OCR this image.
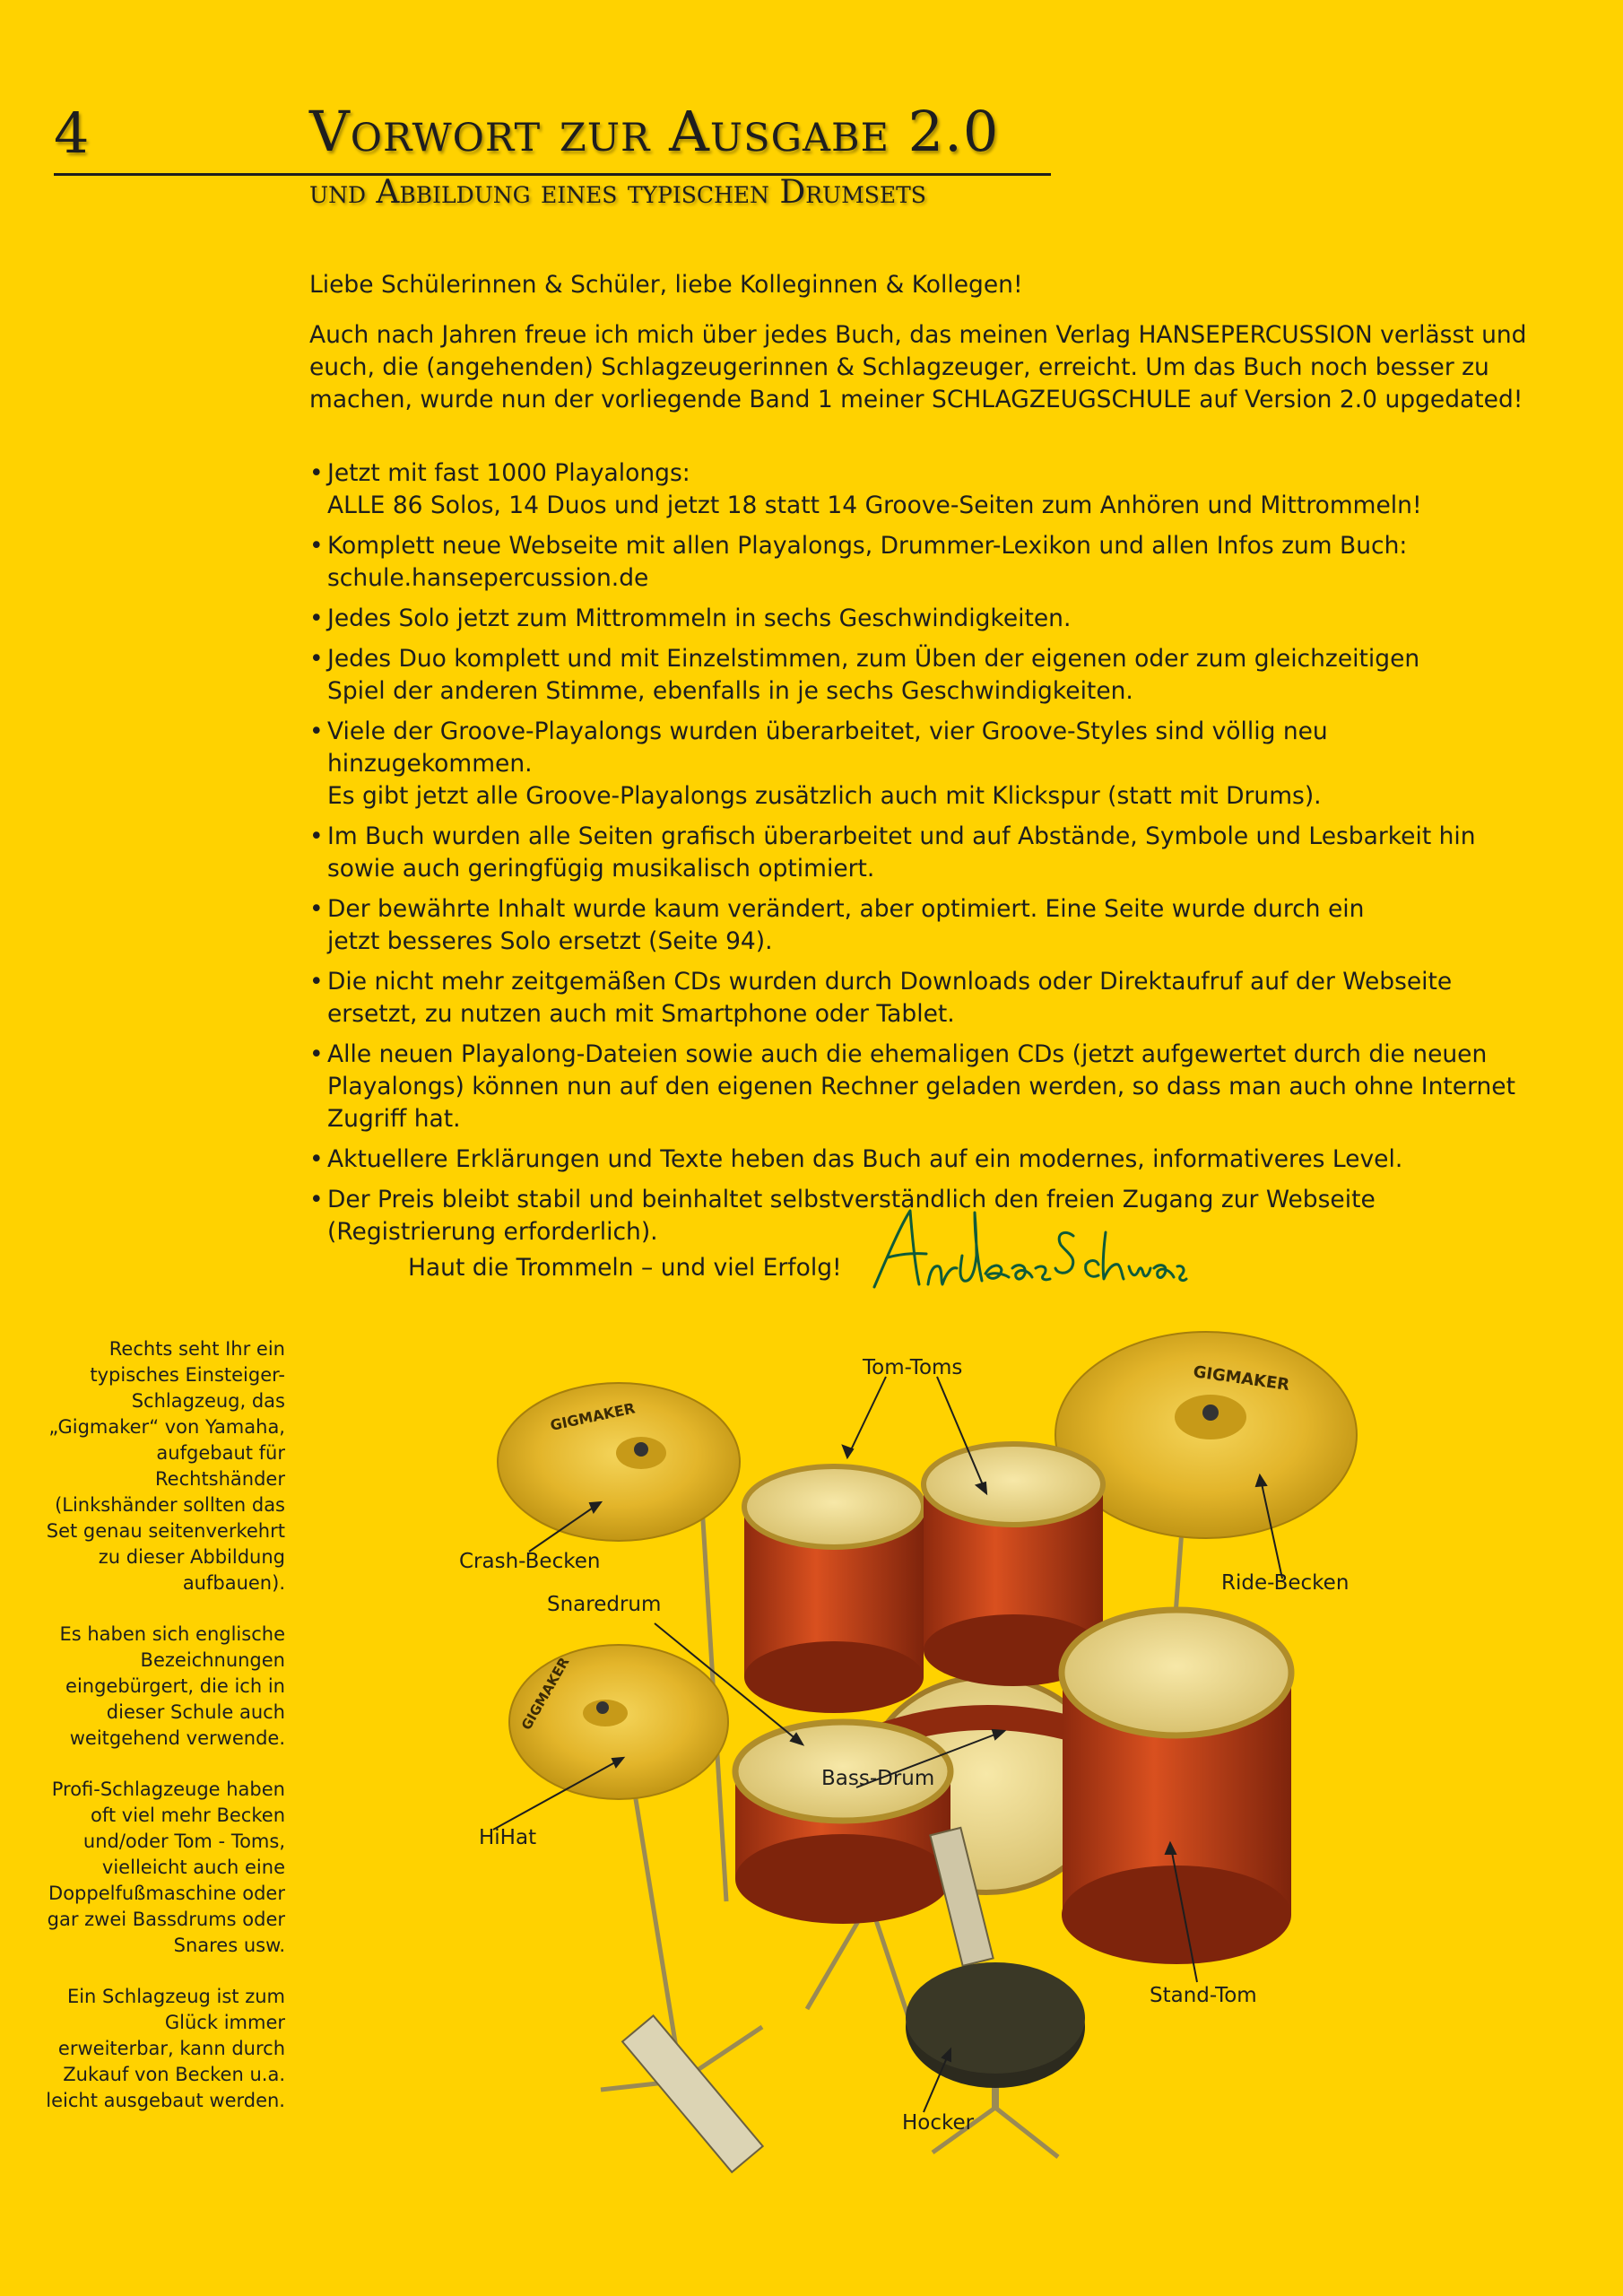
4	Vorwort zur Ausgabe 2.0
und Abbildung eines typischen Drumsets
Liebe Schülerinnen & Schüler, liebe Kolleginnen & Kollegen!
Auch nach Jahren freue ich mich über jedes Buch, das meinen Verlag HANSEPERCUSSION verlässt und euch, die (angehenden) Schlagzeugerinnen & Schlagzeuger, erreicht. Um das Buch noch besser zu machen, wurde nun der vorliegende Band 1 meiner SCHLAGZEUGSCHULE auf Version 2.0 upgedated!
• Jetzt mit fast 1000 Playalongs:
ALLE 86 Solos, 14 Duos und jetzt 18 statt 14 Groove-Seiten zum Anhören und Mittrommeln!
• Komplett neue Webseite mit allen Playalongs, Drummer-Lexikon und allen Infos zum Buch:
schule.hansepercussion.de
• Jedes Solo jetzt zum Mittrommeln in sechs Geschwindigkeiten.
• Jedes Duo komplett und mit Einzelstimmen, zum Üben der eigenen oder zum gleichzeitigen
Spiel der anderen Stimme, ebenfalls in je sechs Geschwindigkeiten.
• Viele der Groove-Playalongs wurden überarbeitet, vier Groove-Styles sind völlig neu hinzugekommen.
Es gibt jetzt alle Groove-Playalongs zusätzlich auch mit Klickspur (statt mit Drums).
• Im Buch wurden alle Seiten grafisch überarbeitet und auf Abstände, Symbole und Lesbarkeit hin
sowie auch geringfügig musikalisch optimiert.
• Der bewährte Inhalt wurde kaum verändert, aber optimiert. Eine Seite wurde durch ein
jetzt besseres Solo ersetzt (Seite 94).
• Die nicht mehr zeitgemäßen CDs wurden durch Downloads oder Direktaufruf auf der Webseite
ersetzt, zu nutzen auch mit Smartphone oder Tablet.
• Alle neuen Playalong-Dateien sowie auch die ehemaligen CDs (jetzt aufgewertet durch die neuen Playalongs) können nun auf den eigenen Rechner geladen werden, so dass man auch ohne Internet Zugriff hat.
• Aktuellere Erklärungen und Texte heben das Buch auf ein modernes, informativeres Level.
• Der Preis bleibt stabil und beinhaltet selbstverständlich den freien Zugang zur Webseite
(Registrierung erforderlich).
Haut die Trommeln – und viel Erfolg!

Rechts seht Ihr ein typisches Einsteiger-Schlagzeug, das „Gigmaker“ von Yamaha, aufgebaut für Rechtshänder (Linkshänder sollten das Set genau seitenverkehrt zu dieser Abbildung aufbauen).

Es haben sich englische Bezeichnungen eingebürgert, die ich in dieser Schule auch weitgehend verwende.

Profi-Schlagzeuge haben oft viel mehr Becken und/oder Tom - Toms, vielleicht auch eine Doppelfußmaschine oder gar zwei Bassdrums oder Snares usw.

Ein Schlagzeug ist zum Glück immer erweiterbar, kann durch Zukauf von Becken u.a. leicht ausgebaut werden.

GIGMAKER
GIGMAKER
GIGMAKER
Tom-Toms
Crash-Becken
Ride-Becken
Snaredrum
Bass-Drum
HiHat
Stand-Tom
Hocker
